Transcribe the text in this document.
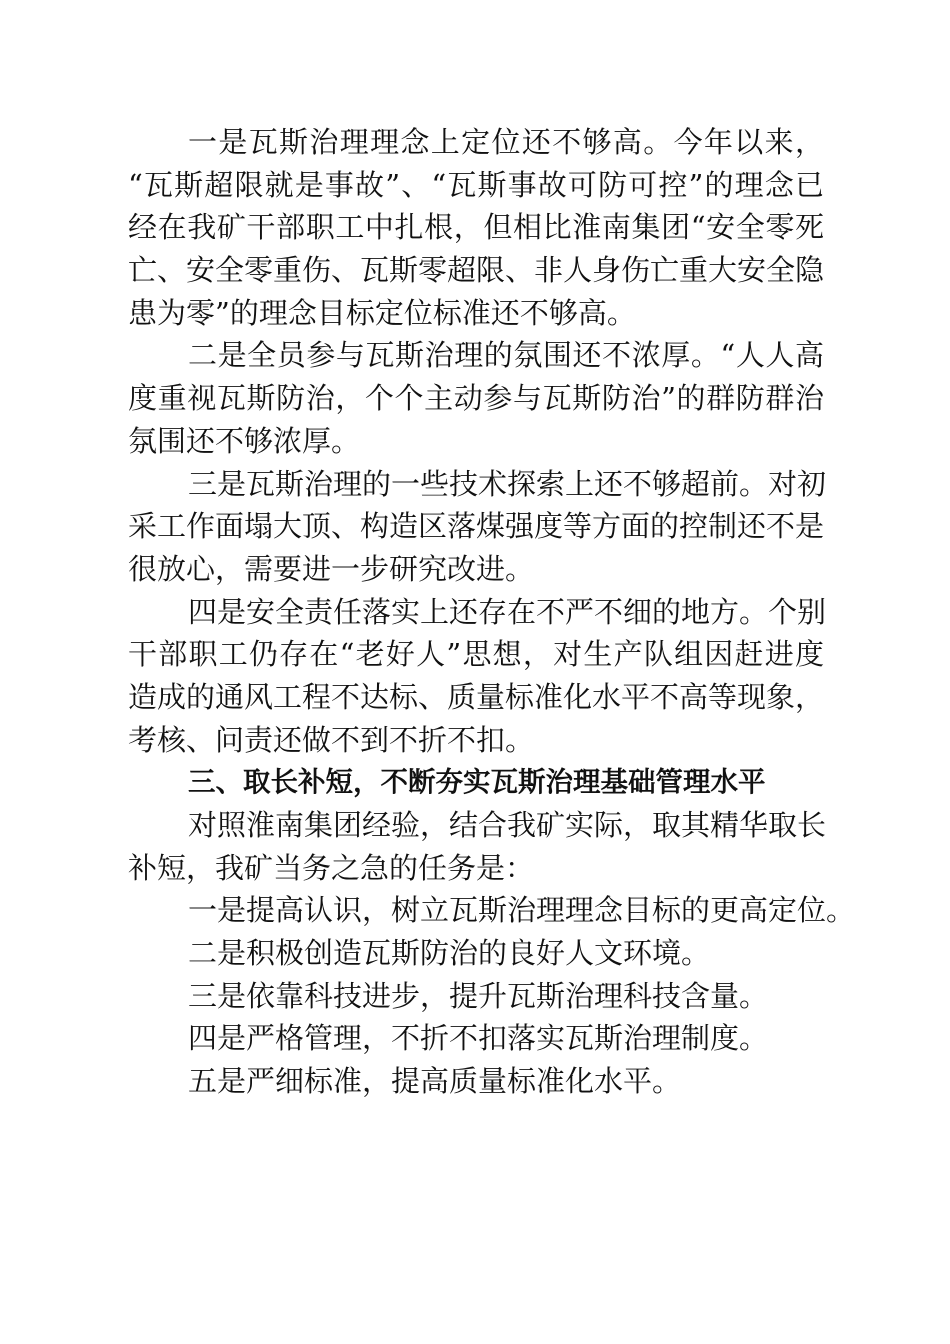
一是瓦斯治理理念上定位还不够高。今年以来，
“瓦斯超限就是事故”、“瓦斯事故可防可控”的理念已
经在我矿干部职工中扎根，但相比淮南集团“安全零死
亡、安全零重伤、瓦斯零超限、非人身伤亡重大安全隐
患为零”的理念目标定位标准还不够高。
二是全员参与瓦斯治理的氛围还不浓厚。“人人高
度重视瓦斯防治，个个主动参与瓦斯防治”的群防群治
氛围还不够浓厚。
三是瓦斯治理的一些技术探索上还不够超前。对初
采工作面塌大顶、构造区落煤强度等方面的控制还不是
很放心，需要进一步研究改进。
四是安全责任落实上还存在不严不细的地方。个别
干部职工仍存在“老好人”思想，对生产队组因赶进度
造成的通风工程不达标、质量标准化水平不高等现象，
考核、问责还做不到不折不扣。
三、取长补短，不断夯实瓦斯治理基础管理水平
对照淮南集团经验，结合我矿实际，取其精华取长
补短，我矿当务之急的任务是：
一是提高认识，树立瓦斯治理理念目标的更高定位。
二是积极创造瓦斯防治的良好人文环境。
三是依靠科技进步，提升瓦斯治理科技含量。
四是严格管理，不折不扣落实瓦斯治理制度。
五是严细标准，提高质量标准化水平。
